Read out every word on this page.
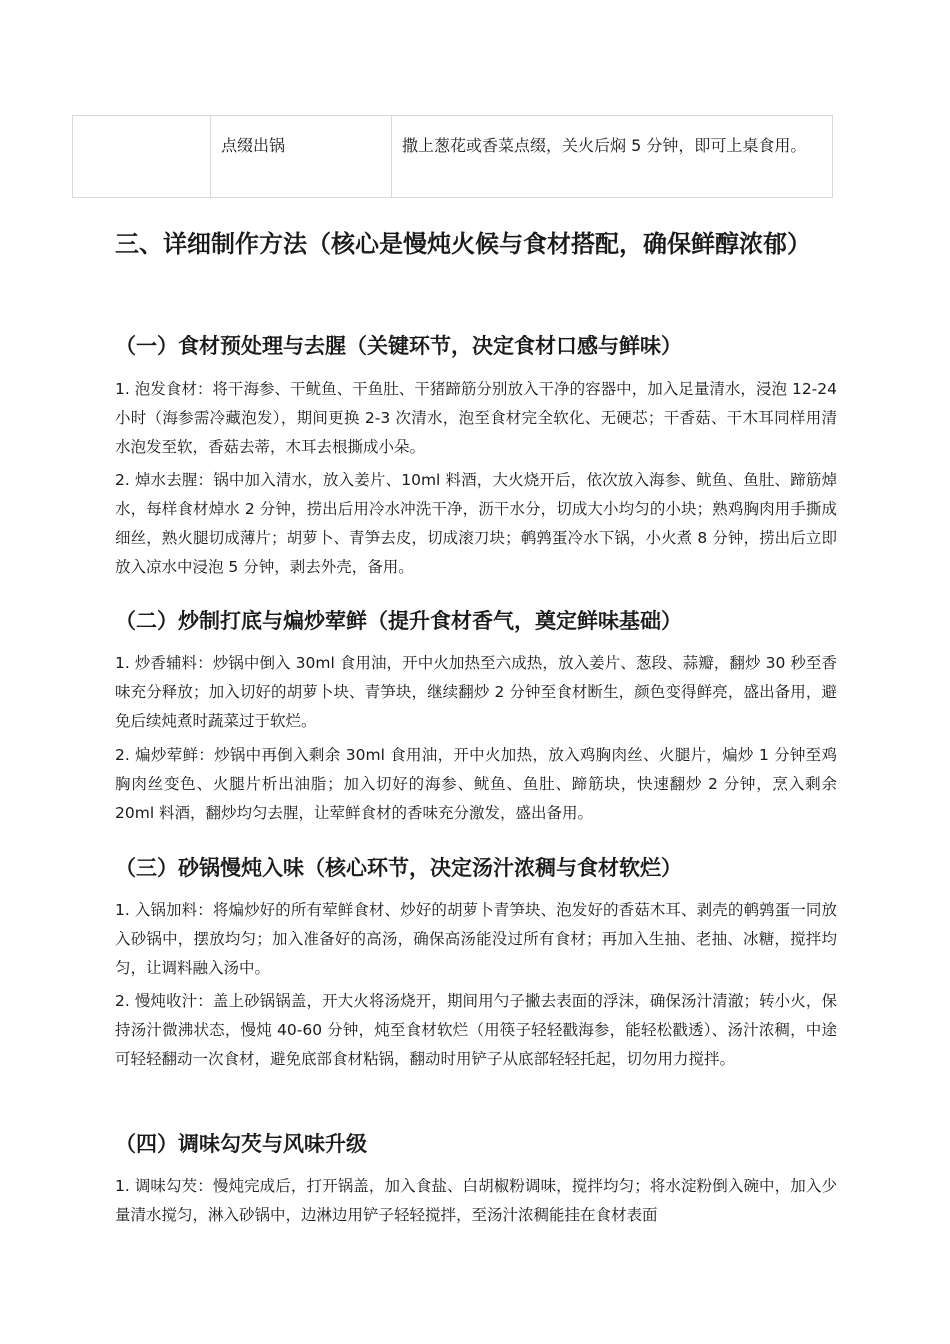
	点缀出锅	撒上葱花或香菜点缀，关火后焖 5 分钟，即可上桌食用。
三、详细制作方法（核心是慢炖火候与食材搭配，确保鲜醇浓郁）
（一）食材预处理与去腥（关键环节，决定食材口感与鲜味）

1. 泡发食材：将干海参、干鱿鱼、干鱼肚、干猪蹄筋分别放入干净的容器中，加入足量清水，浸泡 12-24 小时（海参需冷藏泡发），期间更换 2-3 次清水，泡至食材完全软化、无硬芯；干香菇、干木耳同样用清水泡发至软，香菇去蒂，木耳去根撕成小朵。

2. 焯水去腥：锅中加入清水，放入姜片、10ml 料酒，大火烧开后，依次放入海参、鱿鱼、鱼肚、蹄筋焯水，每样食材焯水 2 分钟，捞出后用冷水冲洗干净，沥干水分，切成大小均匀的小块；熟鸡胸肉用手撕成细丝，熟火腿切成薄片；胡萝卜、青笋去皮，切成滚刀块；鹌鹑蛋冷水下锅，小火煮 8 分钟，捞出后立即放入凉水中浸泡 5 分钟，剥去外壳，备用。

（二）炒制打底与煸炒荤鲜（提升食材香气，奠定鲜味基础）

1. 炒香辅料：炒锅中倒入 30ml 食用油，开中火加热至六成热，放入姜片、葱段、蒜瓣，翻炒 30 秒至香味充分释放；加入切好的胡萝卜块、青笋块，继续翻炒 2 分钟至食材断生，颜色变得鲜亮，盛出备用，避免后续炖煮时蔬菜过于软烂。

2. 煸炒荤鲜：炒锅中再倒入剩余 30ml 食用油，开中火加热，放入鸡胸肉丝、火腿片，煸炒 1 分钟至鸡胸肉丝变色、火腿片析出油脂；加入切好的海参、鱿鱼、鱼肚、蹄筋块，快速翻炒 2 分钟，烹入剩余 20ml 料酒，翻炒均匀去腥，让荤鲜食材的香味充分激发，盛出备用。

（三）砂锅慢炖入味（核心环节，决定汤汁浓稠与食材软烂）

1. 入锅加料：将煸炒好的所有荤鲜食材、炒好的胡萝卜青笋块、泡发好的香菇木耳、剥壳的鹌鹑蛋一同放入砂锅中，摆放均匀；加入准备好的高汤，确保高汤能没过所有食材；再加入生抽、老抽、冰糖，搅拌均匀，让调料融入汤中。

2. 慢炖收汁：盖上砂锅锅盖，开大火将汤烧开，期间用勺子撇去表面的浮沫，确保汤汁清澈；转小火，保持汤汁微沸状态，慢炖 40-60 分钟，炖至食材软烂（用筷子轻轻戳海参，能轻松戳透）、汤汁浓稠，中途可轻轻翻动一次食材，避免底部食材粘锅，翻动时用铲子从底部轻轻托起，切勿用力搅拌。

（四）调味勾芡与风味升级

1. 调味勾芡：慢炖完成后，打开锅盖，加入食盐、白胡椒粉调味，搅拌均匀；将水淀粉倒入碗中，加入少量清水搅匀，淋入砂锅中，边淋边用铲子轻轻搅拌，至汤汁浓稠能挂在食材表面
